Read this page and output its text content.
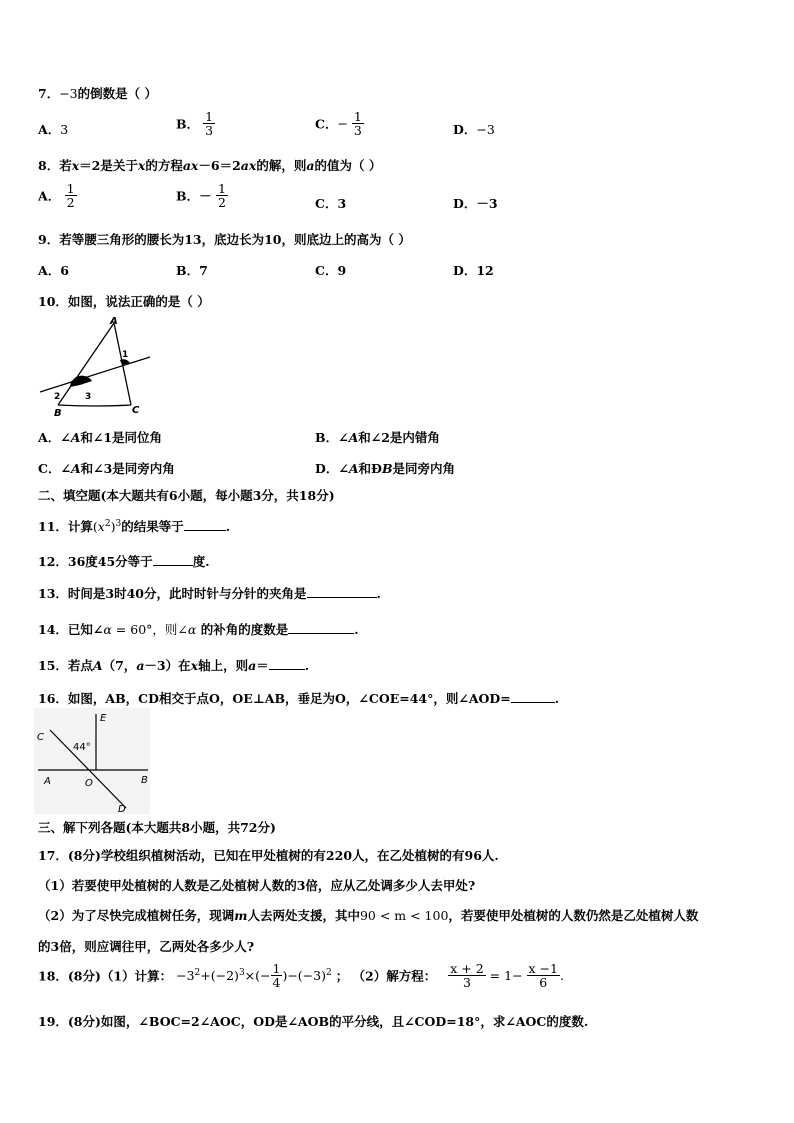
7．−3的倒数是（ ）
A．3	B． $\frac{1}{3}$	C．− $\frac{1}{3}$	D．−3
8．若x＝2是关于x的方程ax－6＝2ax的解，则a的值为（ ）
A． $\frac{1}{2}$	B．－ $\frac{1}{2}$	C．3	D．－3
9．若等腰三角形的腰长为13，底边长为10，则底边上的高为（ ）
A．6	B．7	C．9	D．12
10．如图，说法正确的是（ ）
A
B	C
1
2	3
A．∠A和∠1是同位角	B．∠A和∠2是内错角
C．∠A和∠3是同旁内角	D．∠A和ÐB是同旁内角
二、填空题(本大题共有6小题，每小题3分，共18分)
11．计算$(x^2)^3$的结果等于	.
12．36度45分等于	度.
13．时间是3时40分，此时时针与分针的夹角是	.
14．已知∠α = 60°，则∠α 的补角的度数是	.
15．若点A（7，a－3）在x轴上，则a＝	.
16．如图，AB，CD相交于点O，OE⊥AB，垂足为O，∠COE=44°，则∠AOD=	.
E
C
44°
A	O	B
D
三、解下列各题(本大题共8小题，共72分)
17．(8分)学校组织植树活动，已知在甲处植树的有220人，在乙处植树的有96人.
（1）若要使甲处植树的人数是乙处植树人数的3倍，应从乙处调多少人去甲处?
（2）为了尽快完成植树任务，现调m人去两处支援，其中90 < m < 100，若要使甲处植树的人数仍然是乙处植树人数
的3倍，则应调往甲，乙两处各多少人?
18．(8分)（1）计算： $-3^2+(-2)^3\times(- \frac{1}{4} )-(-3)^2$ ； （2）解方程： $\frac{x + 2}{3} = 1- \frac{x -1}{6}$ .
19．(8分)如图，∠BOC=2∠AOC，OD是∠AOB的平分线，且∠COD=18°，求∠AOC的度数.
